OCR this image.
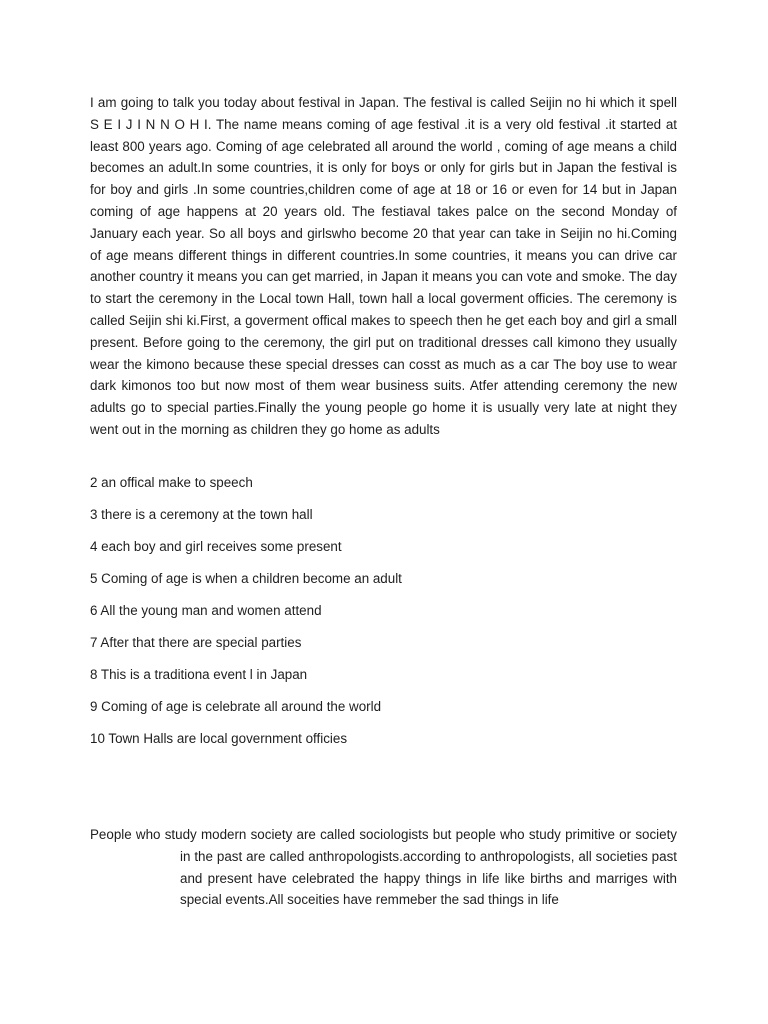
I am going to talk you today about festival in Japan. The festival is called Seijin no hi which it spell S E I J I N N O H I. The name means coming of age festival .it is a very old festival .it started at least 800 years ago. Coming of age celebrated all around the world , coming of age means a child becomes an adult.In some countries, it is only for boys or only for girls but in Japan the festival is for boy and girls .In some countries,children come of age at 18 or 16 or even for 14 but in Japan coming of age happens at 20 years old. The festiaval takes palce on the second Monday of January each year. So all boys and girlswho become 20 that year can take in Seijin no hi.Coming of age means different things in different countries.In some countries, it means you can drive car another country it means you can get married, in Japan it means you can vote and smoke. The day to start the ceremony in the Local town Hall, town hall a local goverment officies. The ceremony is called Seijin shi ki.First, a goverment offical makes to speech then he get each boy and girl a small present. Before going to the ceremony, the girl put on traditional dresses call kimono they usually wear the kimono because these special dresses can cosst as much as a car The boy use to wear dark kimonos too but now most of them wear business suits. Atfer attending ceremony the new adults go to special parties.Finally the young people go home it is usually very late at night they went out in the morning as children they go home as adults

2 an offical make to speech
3 there is a ceremony at the town hall
4 each boy and girl receives some present
5 Coming of age is when a children become an adult
6 All the young man and women attend
7 After that there are special parties
8 This is a traditiona event l in Japan
9 Coming of age is celebrate all around the world
10 Town Halls are local government officies

People who study modern society are called sociologists but people who study primitive or society in the past are called anthropologists.according to anthropologists, all societies past and present have celebrated the happy things in life like births and marriges with special events.All soceities have remmeber the sad things in life
